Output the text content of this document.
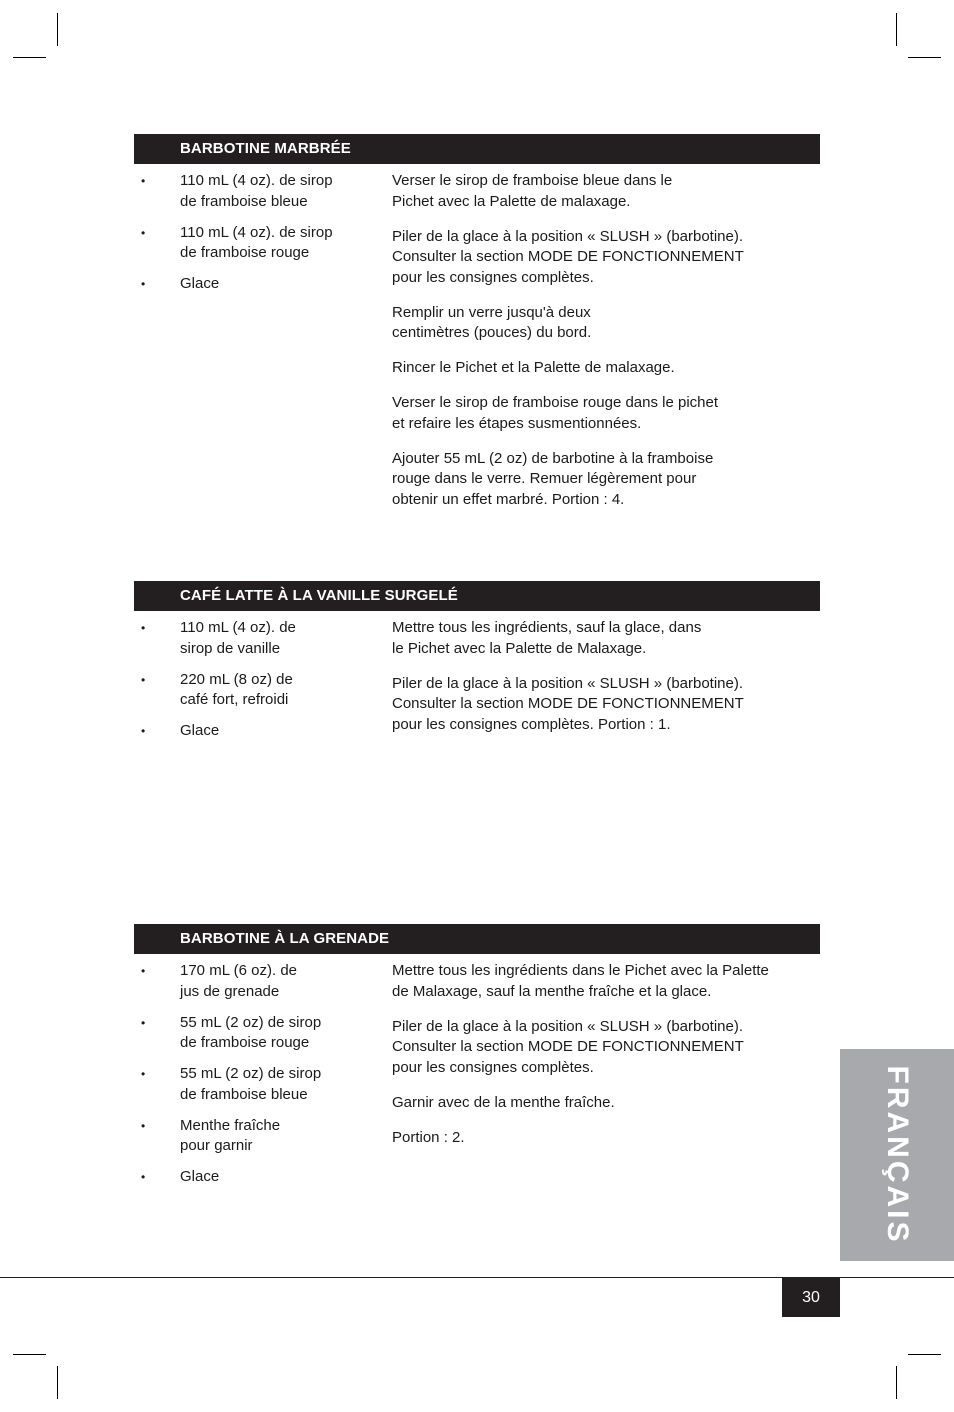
BARBOTINE MARBRÉE
• 110 mL (4 oz). de sirop
de framboise bleue
• 110 mL (4 oz). de sirop
de framboise rouge
• Glace

Verser le sirop de framboise bleue dans le
Pichet avec la Palette de malaxage.

Piler de la glace à la position « SLUSH » (barbotine).
Consulter la section MODE DE FONCTIONNEMENT
pour les consignes complètes.

Remplir un verre jusqu'à deux
centimètres (pouces) du bord.

Rincer le Pichet et la Palette de malaxage.

Verser le sirop de framboise rouge dans le pichet
et refaire les étapes susmentionnées.

Ajouter 55 mL (2 oz) de barbotine à la framboise
rouge dans le verre. Remuer légèrement pour
obtenir un effet marbré. Portion : 4.

CAFÉ LATTE À LA VANILLE SURGELÉ
• 110 mL (4 oz). de
sirop de vanille
• 220 mL (8 oz) de
café fort, refroidi
• Glace

Mettre tous les ingrédients, sauf la glace, dans
le Pichet avec la Palette de Malaxage.

Piler de la glace à la position « SLUSH » (barbotine).
Consulter la section MODE DE FONCTIONNEMENT
pour les consignes complètes. Portion : 1.

BARBOTINE À LA GRENADE
• 170 mL (6 oz). de
jus de grenade
• 55 mL (2 oz) de sirop
de framboise rouge
• 55 mL (2 oz) de sirop
de framboise bleue
• Menthe fraîche
pour garnir
• Glace

Mettre tous les ingrédients dans le Pichet avec la Palette
de Malaxage, sauf la menthe fraîche et la glace.

Piler de la glace à la position « SLUSH » (barbotine).
Consulter la section MODE DE FONCTIONNEMENT
pour les consignes complètes.

Garnir avec de la menthe fraîche.

Portion : 2.	FRANÇAIS
30
